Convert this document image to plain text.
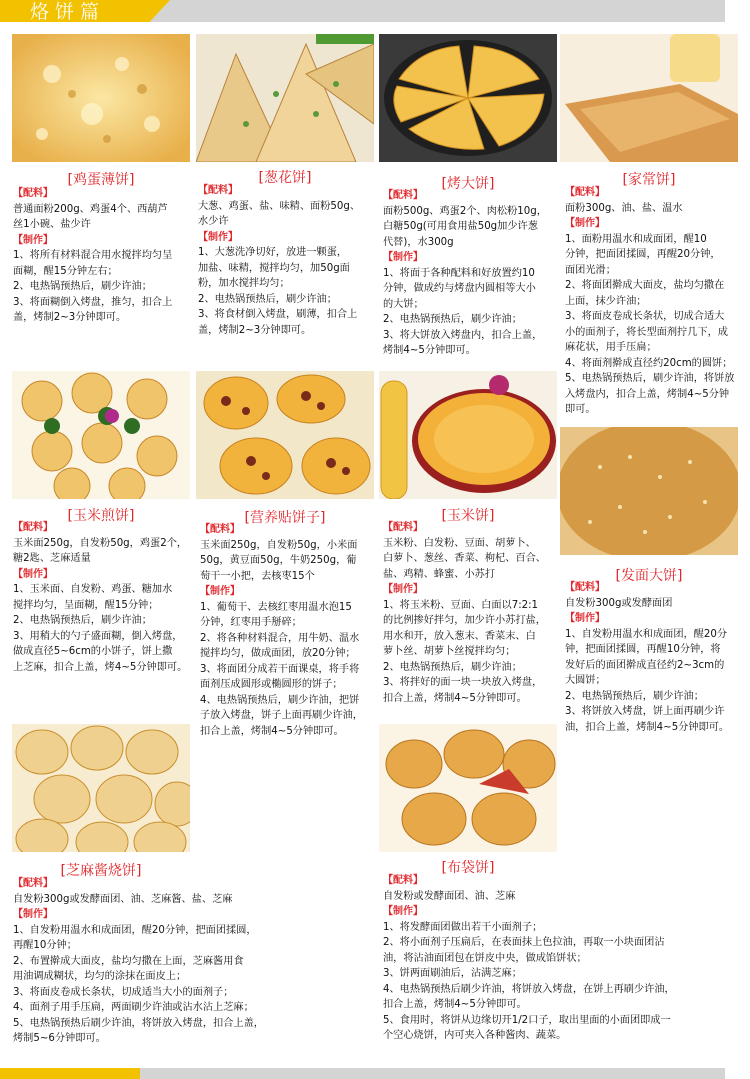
烙饼篇
[鸡蛋薄饼]
【配料】
普通面粉200g、鸡蛋4个、西葫芦
丝1小碗、盐少许
【制作】
1、将所有材料混合用水搅拌均匀呈
面糊，醒15分钟左右；
2、电热锅预热后，刷少许油；
3、将面糊倒入烤盘，推匀，扣合上
盖，烤制2~3分钟即可。
[葱花饼]
【配料】
大葱、鸡蛋、盐、味精、面粉50g、
水少许
【制作】
1、大葱洗净切好，放进一颗蛋，
加盐、味精，搅拌均匀，加50g面
粉，加水搅拌均匀；
2、电热锅预热后，刷少许油；
3、将食材倒入烤盘，刷薄，扣合上
盖，烤制2~3分钟即可。
[烤大饼]
【配料】
面粉500g、鸡蛋2个、肉松粉10g，
白糖50g(可用食用盐50g加少许葱
代替)，水300g
【制作】
1、将面于各种配料和好放置约10
分钟，做成约与烤盘内圆相等大小
的大饼；
2、电热锅预热后，刷少许油；
3、将大饼放入烤盘内，扣合上盖，
烤制4~5分钟即可。
[家常饼]
【配料】
面粉300g、油、盐、温水
【制作】
1、面粉用温水和成面团，醒10
分钟，把面团揉圆，再醒20分钟，
面团光滑；
2、将面团擀成大面皮，盐均匀撒在
上面，抹少许油；
3、将面皮卷成长条状，切成合适大
小的面剂子，将长型面剂拧几下，成
麻花状，用手压扁；
4、将面剂擀成直径约20cm的圆饼；
5、电热锅预热后，刷少许油，将饼放
入烤盘内，扣合上盖，烤制4~5分钟
即可。
[玉米煎饼]
【配料】
玉米面250g，自发粉50g，鸡蛋2个，
糖2匙、芝麻适量
【制作】
1、玉米面、自发粉、鸡蛋、糖加水
搅拌均匀，呈面糊，醒15分钟；
2、电热锅预热后，刷少许油；
3、用稍大的勺子盛面糊，倒入烤盘，
做成直径5~6cm的小饼子，饼上撒
上芝麻，扣合上盖，烤4~5分钟即可。
[营养贴饼子]
【配料】
玉米面250g，自发粉50g，小米面
50g，黄豆面50g，牛奶250g，葡
萄干一小把，去核枣15个
【制作】
1、葡萄干、去核红枣用温水泡15
分钟，红枣用手掰碎；
2、将各种材料混合，用牛奶、温水
搅拌均匀，做成面团，放20分钟；
3、将面团分成若干面课桌，将手将
面剂压成圆形或椭圆形的饼子；
4、电热锅预热后，刷少许油，把饼
子放入烤盘，饼子上面再刷少许油，
扣合上盖，烤制4~5分钟即可。
[玉米饼]
【配料】
玉米粉、白发粉、豆面、胡萝卜、
白萝卜、葱丝、香菜、枸杞、百合、
盐、鸡精、蜂蜜、小苏打
【制作】
1、将玉米粉、豆面、白面以7:2:1
的比例掺好拌匀，加少许小苏打盐，
用水和开，放入葱末、香菜末、白
萝卜丝、胡萝卜丝搅拌均匀；
2、电热锅预热后，刷少许油；
3、将拌好的面一块一块放入烤盘，
扣合上盖，烤制4~5分钟即可。
[发面大饼]
【配料】
自发粉300g或发酵面团
【制作】
1、自发粉用温水和成面团，醒20分
钟，把面团揉圆，再醒10分钟，将
发好后的面团擀成直径约2~3cm的
大圆饼；
2、电热锅预热后，刷少许油；
3、将饼放入烤盘，饼上面再刷少许
油，扣合上盖，烤制4~5分钟即可。
[芝麻酱烧饼]
【配料】
自发粉300g或发酵面团、油、芝麻酱、盐、芝麻
【制作】
1、自发粉用温水和成面团，醒20分钟，把面团揉圆，
再醒10分钟；
2、布置擀成大面皮，盐均匀撒在上面，芝麻酱用食
用油调成糊状，均匀的涂抹在面皮上；
3、将面皮卷成长条状，切成适当大小的面剂子；
4、面剂子用手压扁，两面刷少许油或沾水沾上芝麻；
5、电热锅预热后刷少许油，将饼放入烤盘，扣合上盖，
烤制5~6分钟即可。
[布袋饼]
【配料】
自发粉或发酵面团、油、芝麻
【制作】
1、将发酵面团做出若干小面剂子；
2、将小面剂子压扁后，在表面抹上色拉油，再取一小块面团沾
油，将沾油面团包在饼皮中央，做成馅饼状；
3、饼两面刷油后，沾满芝麻；
4、电热锅预热后刷少许油，将饼放入烤盘，在饼上再刷少许油，
扣合上盖，烤制4~5分钟即可。
5、食用时，将饼从边缘切开1/2口子，取出里面的小面团即成一
个空心烧饼，内可夹入各种酱肉、蔬菜。
